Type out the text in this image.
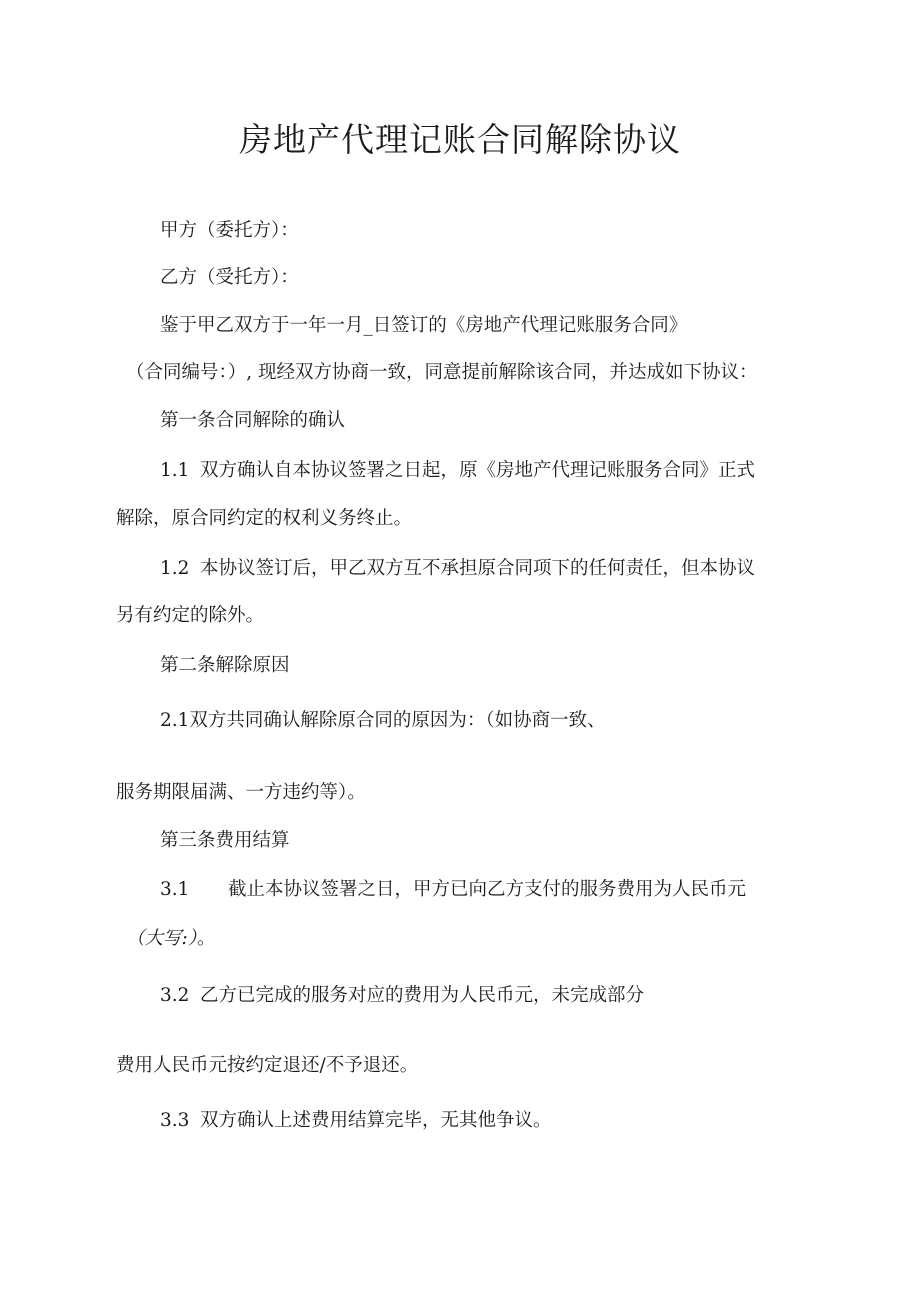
房地产代理记账合同解除协议
甲方（委托方）：
乙方（受托方）：
鉴于甲乙双方于一年一月_日签订的《房地产代理记账服务合同》
（合同编号：）, 现经双方协商一致，同意提前解除该合同，并达成如下协议：
第一条合同解除的确认
1.1 双方确认自本协议签署之日起，原《房地产代理记账服务合同》正式
解除，原合同约定的权利义务终止。
1.2 本协议签订后，甲乙双方互不承担原合同项下的任何责任，但本协议
另有约定的除外。
第二条解除原因
2.1双方共同确认解除原合同的原因为：（如协商一致、
服务期限届满、一方违约等）。
第三条费用结算
3.1 截止本协议签署之日，甲方已向乙方支付的服务费用为人民币元
（大写:）。
3.2 乙方已完成的服务对应的费用为人民币元，未完成部分
费用人民币元按约定退还/不予退还。
3.3 双方确认上述费用结算完毕，无其他争议。
